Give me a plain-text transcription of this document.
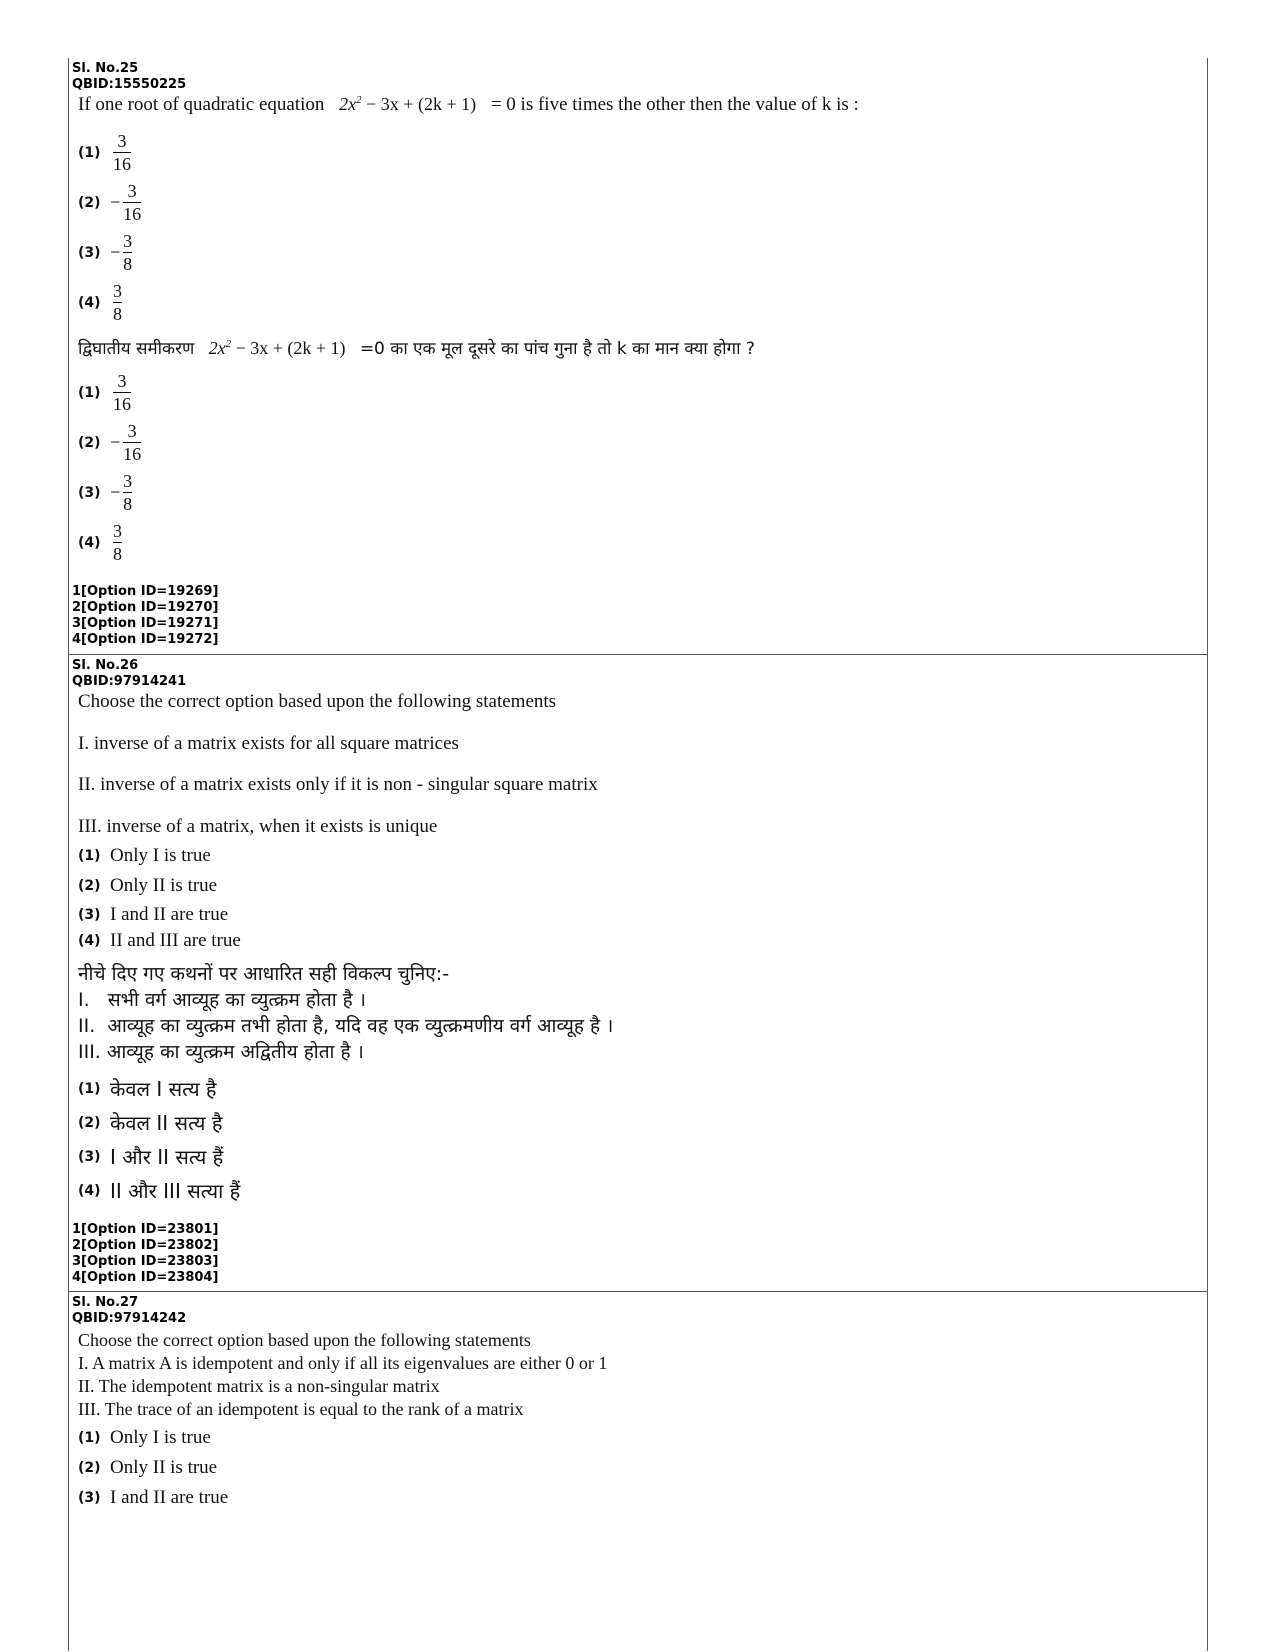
Sl. No.25
QBID:15550225
If one root of quadratic equation $2x^2 - 3x + (2k + 1) = 0$ is five times the other then the value of k is :
$(1) \frac{3}{16}$
$(2) - \frac{3}{16}$
$(3) - \frac{3}{8}$
$(4) \frac{3}{8}$
द्विघातीय समीकरण $2x^2 - 3x + (2k + 1) =0$ का एक मूल दूसरे का पांच गुना है तो k का मान क्या होगा ?
$(1) \frac{3}{16}$
$(2) - \frac{3}{16}$
$(3) - \frac{3}{8}$
$(4) \frac{3}{8}$
1[Option ID=19269]
2[Option ID=19270]
3[Option ID=19271]
4[Option ID=19272]
Sl. No.26
QBID:97914241
Choose the correct option based upon the following statements
I. inverse of a matrix exists for all square matrices
II. inverse of a matrix exists only if it is non - singular square matrix
III. inverse of a matrix, when it exists is unique
(1) Only I is true
(2) Only II is true
(3) I and II are true
(4) II and III are true
नीचे दिए गए कथनों पर आधारित सही विकल्प चुनिए:-
I.   सभी वर्ग आव्यूह का व्युत्क्रम होता है ।
II.  आव्यूह का व्युत्क्रम तभी होता है, यदि वह एक व्युत्क्रमणीय वर्ग आव्यूह है ।
III. आव्यूह का व्युत्क्रम अद्वितीय होता है ।
(1) केवल I सत्य है
(2) केवल II सत्य है
(3) I और II सत्य हैं
(4) II और III सत्या हैं
1[Option ID=23801]
2[Option ID=23802]
3[Option ID=23803]
4[Option ID=23804]
Sl. No.27
QBID:97914242
Choose the correct option based upon the following statements
I. A matrix A is idempotent and only if all its eigenvalues are either 0 or 1
II. The idempotent matrix is a non-singular matrix
III. The trace of an idempotent is equal to the rank of a matrix
(1) Only I is true
(2) Only II is true
(3) I and II are true
